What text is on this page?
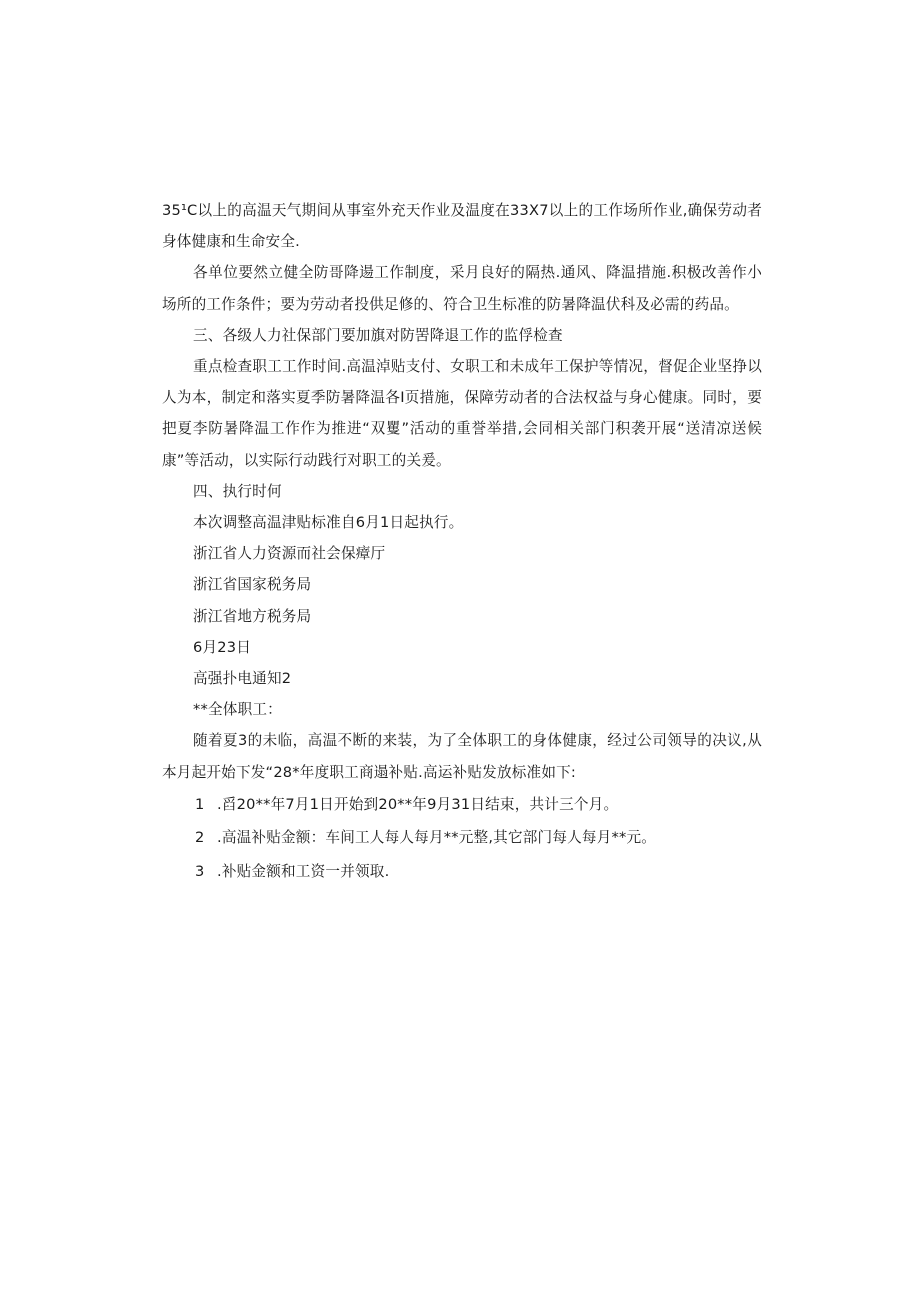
35¹C以上的高温天气期间从事室外充天作业及温度在33X7以上的工作场所作业,确保劳动者身体健康和生命安全.

各单位要然立健全防哥降逿工作制度，采月良好的隔热.通风、降温措施.积极改善作小场所的工作条件；要为劳动者投供足修的、符合卫生标准的防暑降温伏科及必需的药品。

三、各级人力社保部门要加旗对防罟降退工作的监俘检查

重点检查职工工作时间.高温淖贴支付、女职工和未成年工保护等情况，督促企业坚挣以人为本，制定和落实夏季防暑降温各Ⅰ页措施，保障劳动者的合法权益与身心健康。同时，要把夏李防暑降温工作作为推进“双矍”活动的重誉举措,会同相关部门积袭开展“送清凉送候康”等活动，以实际行动践行对职工的关爰。

四、执行时何

本次调整高温津贴标准自6月1日起执行。

浙江省人力资源而社会保瘴厅

浙江省国家税务局

浙江省地方税务局

6月23日

高强扑电通知2

**全体职工：

随着夏3的未临，高温不断的来装，为了全体职工的身体健康，经过公司领导的决议,从本月起开始下发“28*年度职工商遢补贴.高运补贴发放标准如下:

1 .舀20**年7月1日开始到20**年9月31日结束，共计三个月。
2 .高温补贴金额：车间工人每人每月**元整,其它部门每人每月**元。
3 .补贴金额和工资一并领取.
